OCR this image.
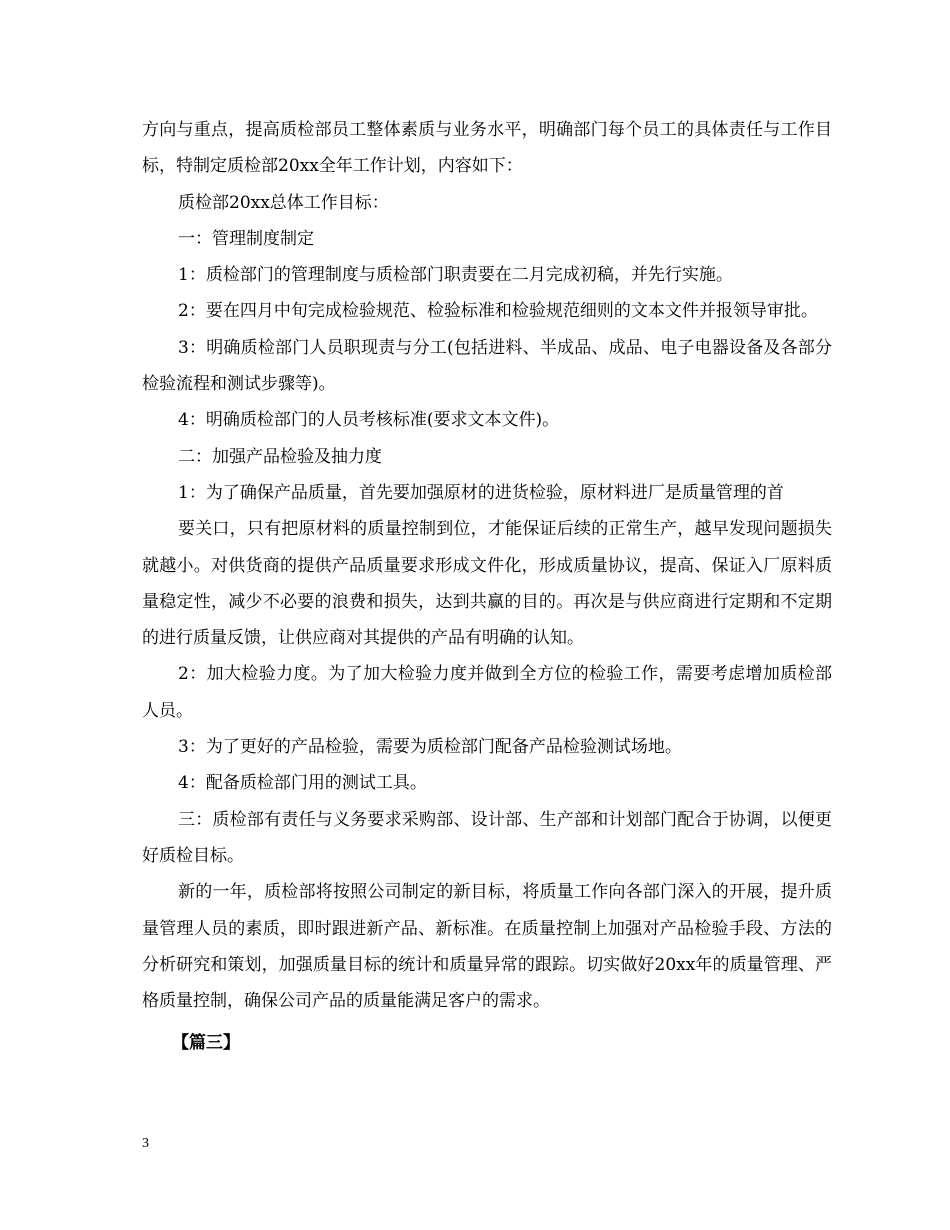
方向与重点，提高质检部员工整体素质与业务水平，明确部门每个员工的具体责任与工作目标，特制定质检部20xx全年工作计划，内容如下：

质检部20xx总体工作目标：

一：管理制度制定

1：质检部门的管理制度与质检部门职责要在二月完成初稿，并先行实施。

2：要在四月中旬完成检验规范、检验标准和检验规范细则的文本文件并报领导审批。

3：明确质检部门人员职现责与分工(包括进料、半成品、成品、电子电器设备及各部分检验流程和测试步骤等)。

4：明确质检部门的人员考核标准(要求文本文件)。

二：加强产品检验及抽力度

1：为了确保产品质量，首先要加强原材的进货检验，原材料进厂是质量管理的首

要关口，只有把原材料的质量控制到位，才能保证后续的正常生产，越早发现问题损失就越小。对供货商的提供产品质量要求形成文件化，形成质量协议，提高、保证入厂原料质量稳定性，减少不必要的浪费和损失，达到共赢的目的。再次是与供应商进行定期和不定期的进行质量反馈，让供应商对其提供的产品有明确的认知。

2：加大检验力度。为了加大检验力度并做到全方位的检验工作，需要考虑增加质检部人员。

3：为了更好的产品检验，需要为质检部门配备产品检验测试场地。

4：配备质检部门用的测试工具。

三：质检部有责任与义务要求采购部、设计部、生产部和计划部门配合于协调，以便更好质检目标。

新的一年，质检部将按照公司制定的新目标，将质量工作向各部门深入的开展，提升质量管理人员的素质，即时跟进新产品、新标准。在质量控制上加强对产品检验手段、方法的分析研究和策划，加强质量目标的统计和质量异常的跟踪。切实做好20xx年的质量管理、严格质量控制，确保公司产品的质量能满足客户的需求。

【篇三】

3
